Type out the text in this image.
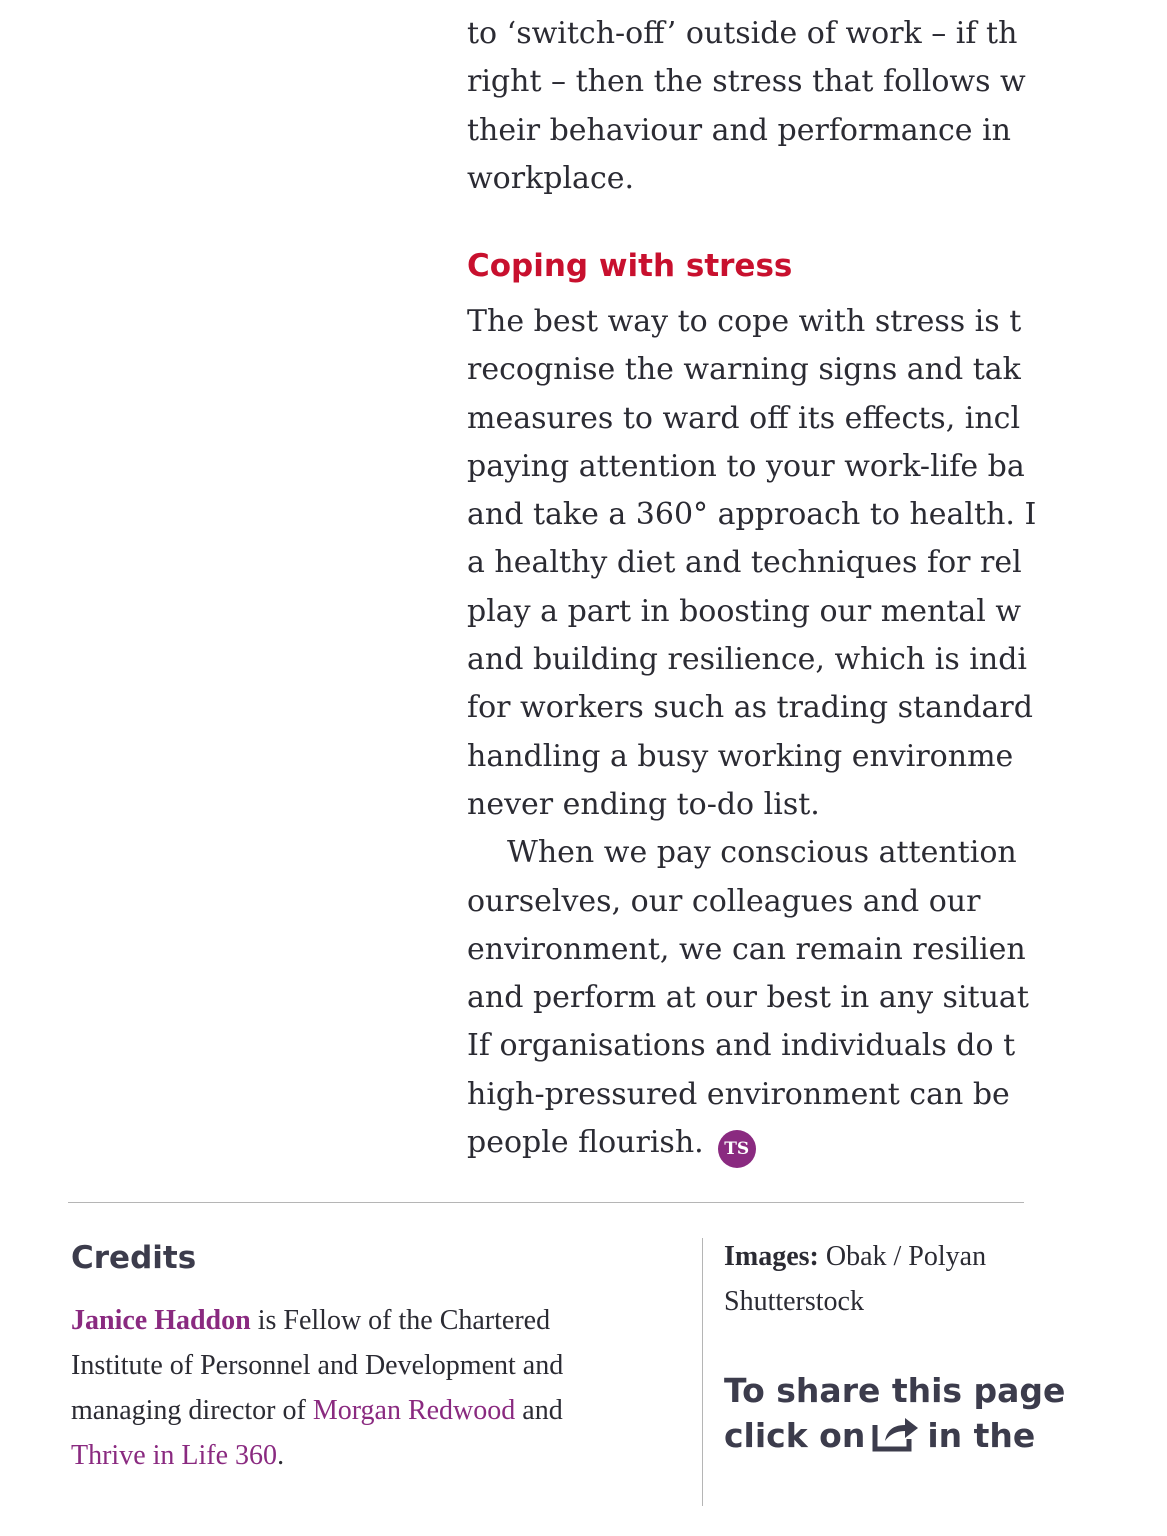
to ‘switch-off’ outside of work – if th
right – then the stress that follows w
their behaviour and performance in
workplace.
Coping with stress
The best way to cope with stress is t
recognise the warning signs and tak
measures to ward off its effects, incl
paying attention to your work-life ba
and take a 360° approach to health. I
a healthy diet and techniques for rel
play a part in boosting our mental w
and building resilience, which is indi
for workers such as trading standard
handling a busy working environme
never ending to-do list.
When we pay conscious attention
ourselves, our colleagues and our
environment, we can remain resilien
and perform at our best in any situat
If organisations and individuals do t
high-pressured environment can be
people flourish. TS
Credits
Janice Haddon is Fellow of the Chartered
Institute of Personnel and Development and
managing director of Morgan Redwood and
Thrive in Life 360.
Images: Obak / Polyan
Shutterstock
To share this page
click on in the
